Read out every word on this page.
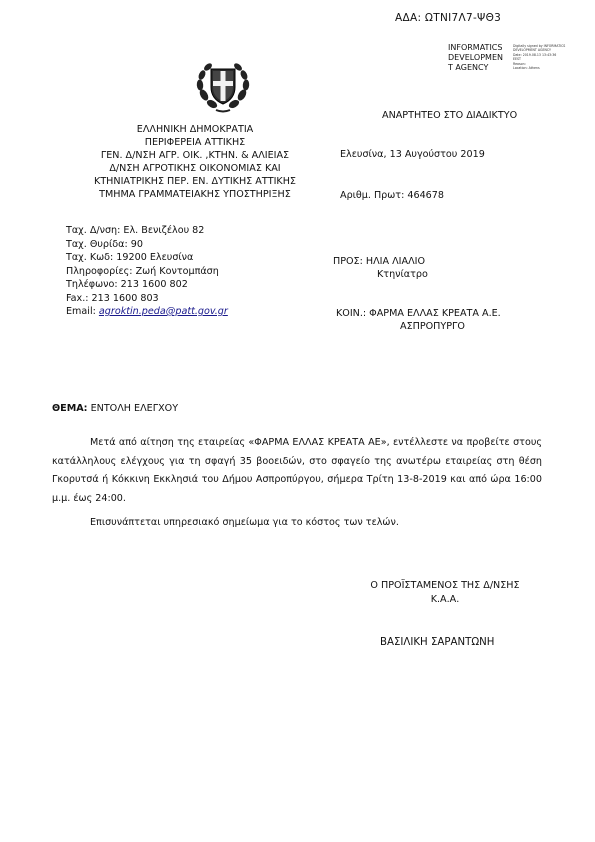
ΑΔΑ: ΩΤΝΙ7Λ7-ΨΘ3
INFORMATICS
DEVELOPMEN
T AGENCY
Digitally signed by INFORMATICS
DEVELOPMENT AGENCY
Date: 2019.08.13 13:43:36
EEST
Reason:
Location: Athens
ΕΛΛΗΝΙΚΗ ΔΗΜΟΚΡΑΤΙΑ
ΠΕΡΙΦΕΡΕΙΑ ΑΤΤΙΚΗΣ
ΓΕΝ. Δ/ΝΣΗ ΑΓΡ. ΟΙΚ. ,ΚΤΗΝ. & ΑΛΙΕΙΑΣ
Δ/ΝΣΗ ΑΓΡΟΤΙΚΗΣ ΟΙΚΟΝΟΜΙΑΣ ΚΑΙ
ΚΤΗΝΙΑΤΡΙΚΗΣ ΠΕΡ. ΕΝ. ΔΥΤΙΚΗΣ ΑΤΤΙΚΗΣ
ΤΜΗΜΑ ΓΡΑΜΜΑΤΕΙΑΚΗΣ ΥΠΟΣΤΗΡΙΞΗΣ
ΑΝΑΡΤΗΤΕΟ ΣΤΟ ΔΙΑΔΙΚΤΥΟ
Ελευσίνα, 13 Αυγούστου 2019
Αριθμ. Πρωτ: 464678
Ταχ. Δ/νση: Ελ. Βενιζέλου 82
Ταχ. Θυρίδα: 90
Ταχ. Κωδ: 19200 Ελευσίνα
Πληροφορίες: Ζωή Κοντομπάση
Τηλέφωνο: 213 1600 802
Fax.: 213 1600 803
Email: agroktin.peda@patt.gov.gr
ΠΡΟΣ: ΗΛΙΑ ΛΙΑΛΙΟ
Κτηνίατρο
ΚΟΙΝ.: ΦΑΡΜΑ ΕΛΛΑΣ ΚΡΕΑΤΑ Α.Ε.
ΑΣΠΡΟΠΥΡΓΟ
ΘΕΜΑ: ΕΝΤΟΛΗ ΕΛΕΓΧΟΥ

Μετά από αίτηση της εταιρείας «ΦΑΡΜΑ ΕΛΛΑΣ ΚΡΕΑΤΑ ΑΕ», εντέλλεστε να προβείτε στους κατάλληλους ελέγχους για τη σφαγή 35 βοοειδών, στο σφαγείο της ανωτέρω εταιρείας στη θέση Γκορυτσά ή Κόκκινη Εκκλησιά του Δήμου Ασπροπύργου, σήμερα Τρίτη 13-8-2019 και από ώρα 16:00 μ.μ. έως 24:00.

Επισυνάπτεται υπηρεσιακό σημείωμα για το κόστος των τελών.

Ο ΠΡΟΪΣΤΑΜΕΝΟΣ ΤΗΣ Δ/ΝΣΗΣ
Κ.Α.Α.
ΒΑΣΙΛΙΚΗ ΣΑΡΑΝΤΩΝΗ
